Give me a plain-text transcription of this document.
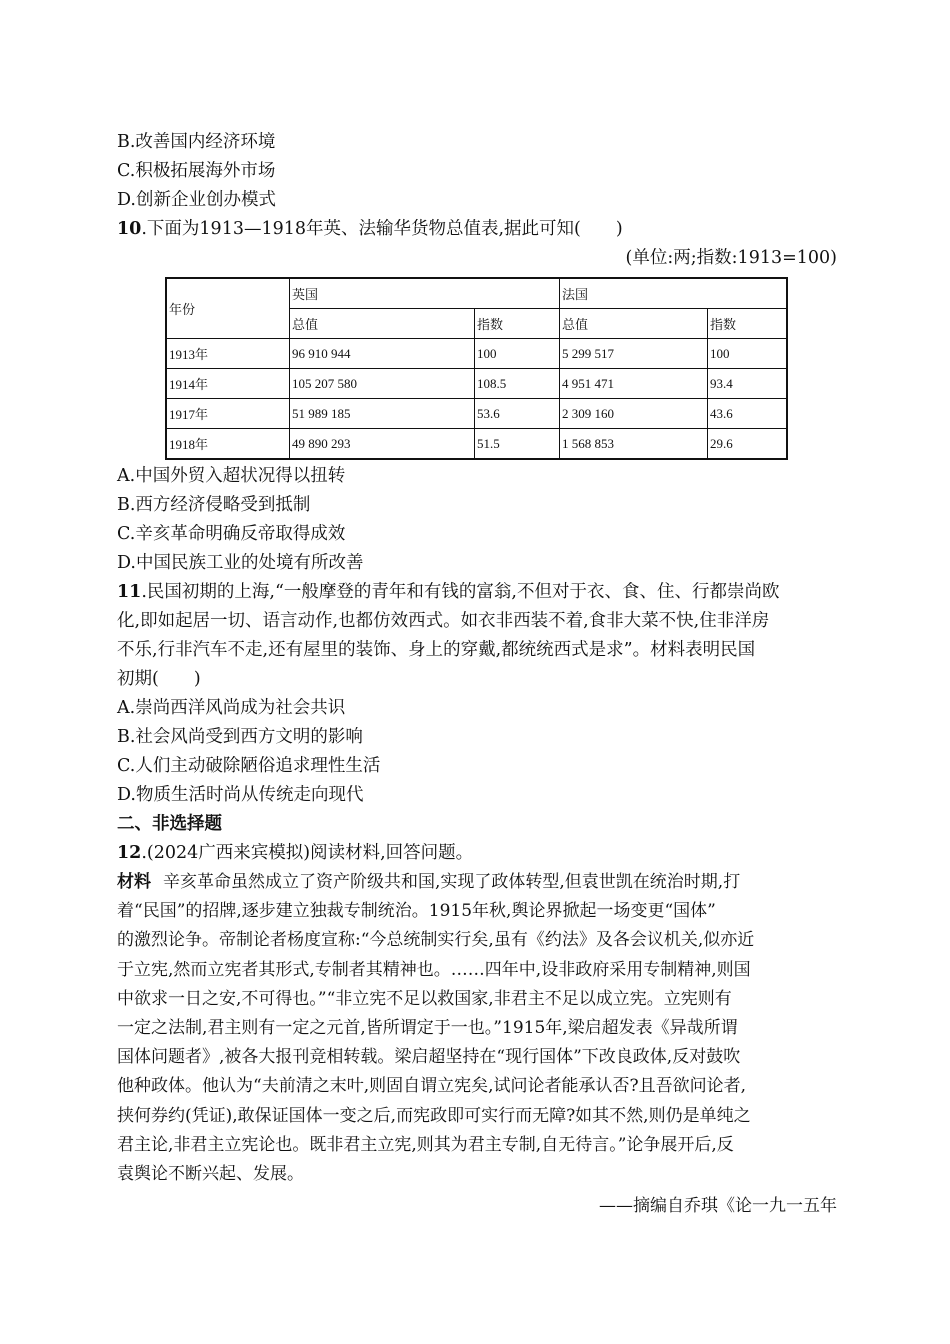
B.改善国内经济环境
C.积极拓展海外市场
D.创新企业创办模式
10.下面为1913—1918年英、法输华货物总值表,据此可知(　　)
(单位:两;指数:1913=100)
年份	英国		法国	
	总值	指数	总值	指数
1913年	96 910 944	100	5 299 517	100
1914年	105 207 580	108.5	4 951 471	93.4
1917年	51 989 185	53.6	2 309 160	43.6
1918年	49 890 293	51.5	1 568 853	29.6
A.中国外贸入超状况得以扭转
B.西方经济侵略受到抵制
C.辛亥革命明确反帝取得成效
D.中国民族工业的处境有所改善
11.民国初期的上海,“一般摩登的青年和有钱的富翁,不但对于衣、食、住、行都崇尚欧
化,即如起居一切、语言动作,也都仿效西式。如衣非西装不着,食非大菜不快,住非洋房
不乐,行非汽车不走,还有屋里的装饰、身上的穿戴,都统统西式是求”。材料表明民国
初期(　　)
A.崇尚西洋风尚成为社会共识
B.社会风尚受到西方文明的影响
C.人们主动破除陋俗追求理性生活
D.物质生活时尚从传统走向现代
二、非选择题
12.(2024广西来宾模拟)阅读材料,回答问题。
材料 辛亥革命虽然成立了资产阶级共和国,实现了政体转型,但袁世凯在统治时期,打
着“民国”的招牌,逐步建立独裁专制统治。1915年秋,舆论界掀起一场变更“国体”
的激烈论争。帝制论者杨度宣称:“今总统制实行矣,虽有《约法》及各会议机关,似亦近
于立宪,然而立宪者其形式,专制者其精神也。……四年中,设非政府采用专制精神,则国
中欲求一日之安,不可得也。”“非立宪不足以救国家,非君主不足以成立宪。立宪则有
一定之法制,君主则有一定之元首,皆所谓定于一也。”1915年,梁启超发表《异哉所谓
国体问题者》,被各大报刊竞相转载。梁启超坚持在“现行国体”下改良政体,反对鼓吹
他种政体。他认为“夫前清之末叶,则固自谓立宪矣,试问论者能承认否?且吾欲问论者,
挟何券约(凭证),敢保证国体一变之后,而宪政即可实行而无障?如其不然,则仍是单纯之
君主论,非君主立宪论也。既非君主立宪,则其为君主专制,自无待言。”论争展开后,反
袁舆论不断兴起、发展。
——摘编自乔琪《论一九一五年
